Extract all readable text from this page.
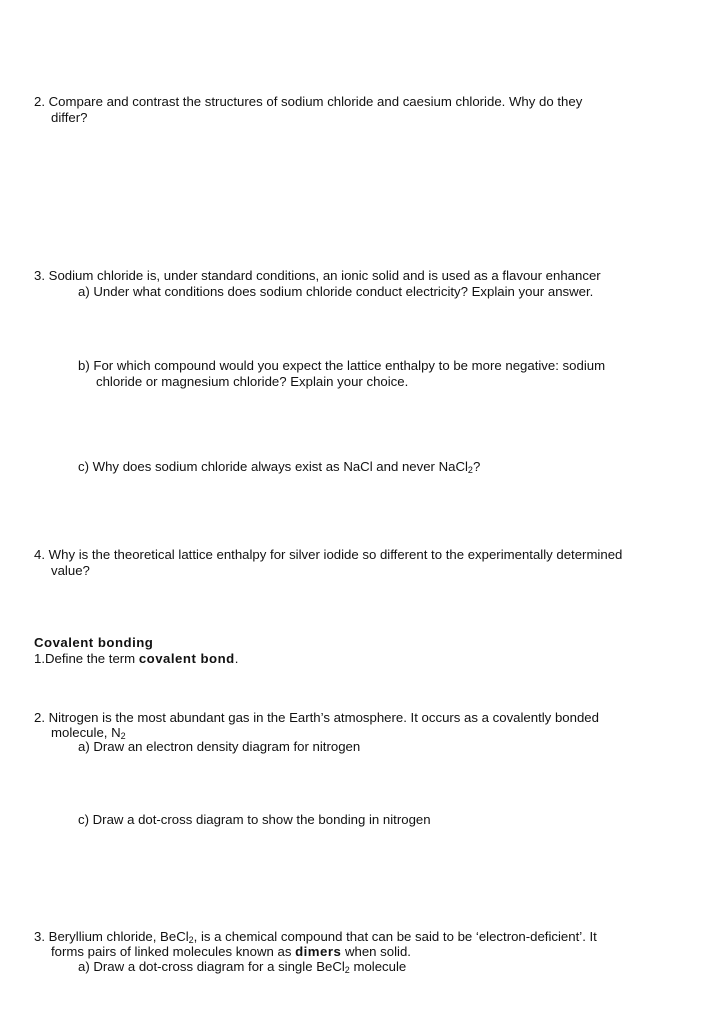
2. Compare and contrast the structures of sodium chloride and caesium chloride. Why do they
differ?
3. Sodium chloride is, under standard conditions, an ionic solid and is used as a flavour enhancer
a) Under what conditions does sodium chloride conduct electricity? Explain your answer.
b) For which compound would you expect the lattice enthalpy to be more negative: sodium
chloride or magnesium chloride? Explain your choice.
c) Why does sodium chloride always exist as NaCl and never NaCl$_2$?
4. Why is the theoretical lattice enthalpy for silver iodide so different to the experimentally determined
value?
Covalent bonding
1.Define the term covalent bond.
2. Nitrogen is the most abundant gas in the Earth’s atmosphere. It occurs as a covalently bonded
molecule, $N_2$
a) Draw an electron density diagram for nitrogen
c) Draw a dot-cross diagram to show the bonding in nitrogen
3. Beryllium chloride, BeCl$_2$, is a chemical compound that can be said to be ‘electron-deficient’. It
forms pairs of linked molecules known as dimers when solid.
a) Draw a dot-cross diagram for a single BeCl$_2$ molecule
